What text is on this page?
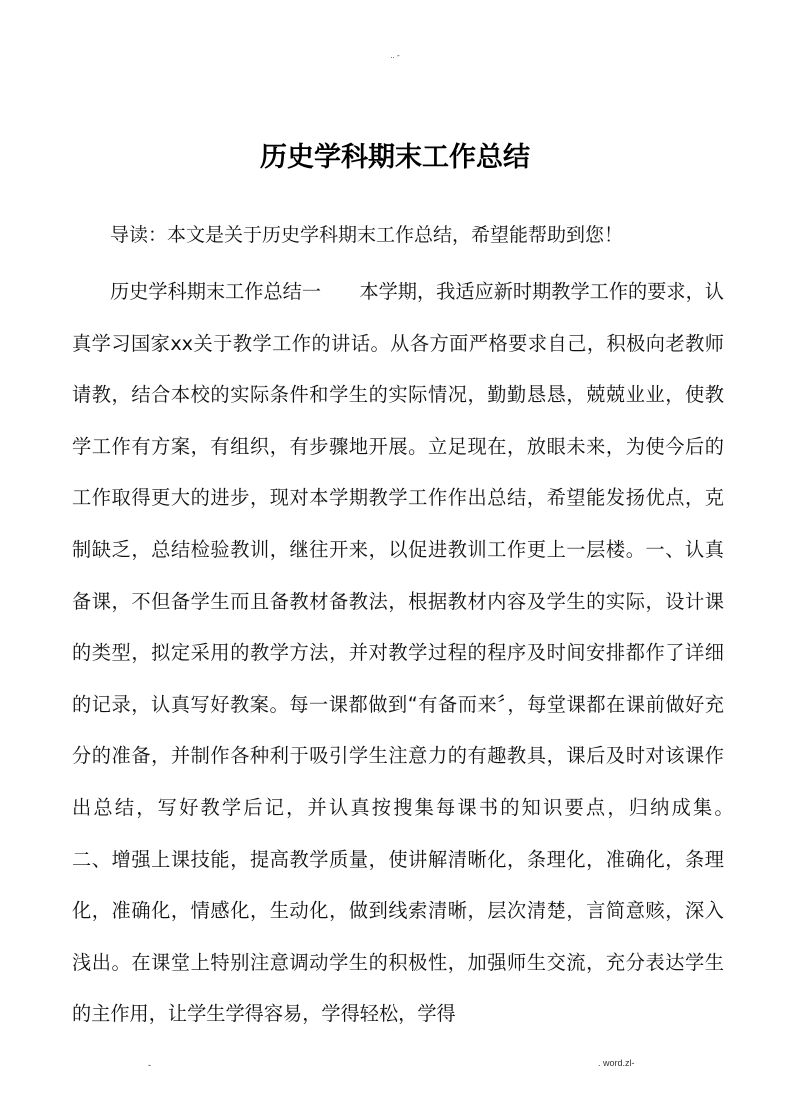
.. -
历史学科期末工作总结
导读：本文是关于历史学科期末工作总结，希望能帮助到您！
历史学科期末工作总结一　　本学期，我适应新时期教学工作的要求，认真学习国家xx关于教学工作的讲话。从各方面严格要求自己，积极向老教师请教，结合本校的实际条件和学生的实际情况，勤勤恳恳，兢兢业业，使教学工作有方案，有组织，有步骤地开展。立足现在，放眼未来，为使今后的工作取得更大的进步，现对本学期教学工作作出总结，希望能发扬优点，克制缺乏，总结检验教训，继往开来，以促进教训工作更上一层楼。一、认真备课，不但备学生而且备教材备教法，根据教材内容及学生的实际，设计课的类型，拟定采用的教学方法，并对教学过程的程序及时间安排都作了详细的记录，认真写好教案。每一课都做到“有备而来〞，每堂课都在课前做好充分的准备，并制作各种利于吸引学生注意力的有趣教具，课后及时对该课作出总结，写好教学后记，并认真按搜集每课书的知识要点，归纳成集。　　二、增强上课技能，提高教学质量，使讲解清晰化，条理化，准确化，条理化，准确化，情感化，生动化，做到线索清晰，层次清楚，言简意赅，深入浅出。在课堂上特别注意调动学生的积极性，加强师生交流，充分表达学生的主作用，让学生学得容易，学得轻松，学得
-	. word.zl-
